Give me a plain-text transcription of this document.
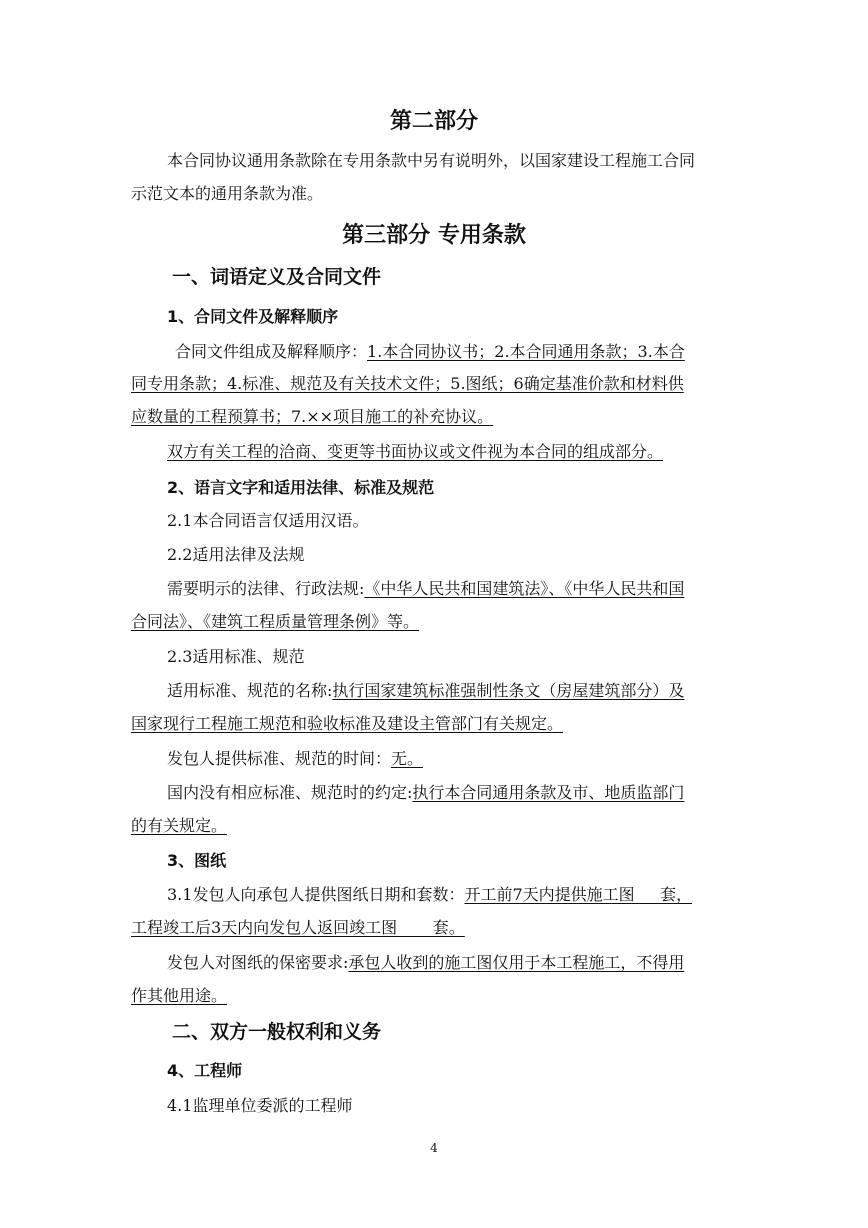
第二部分
本合同协议通用条款除在专用条款中另有说明外，以国家建设工程施工合同
示范文本的通用条款为准。
第三部分 专用条款
一、词语定义及合同文件
1、合同文件及解释顺序
合同文件组成及解释顺序：1.本合同协议书；2.本合同通用条款；3.本合
同专用条款；4.标准、规范及有关技术文件；5.图纸；6确定基准价款和材料供
应数量的工程预算书；7.××项目施工的补充协议。
双方有关工程的洽商、变更等书面协议或文件视为本合同的组成部分。
2、语言文字和适用法律、标准及规范
2.1本合同语言仅适用汉语。
2.2适用法律及法规
需要明示的法律、行政法规:《中华人民共和国建筑法》、《中华人民共和国
合同法》、《建筑工程质量管理条例》等。
2.3适用标准、规范
适用标准、规范的名称:执行国家建筑标准强制性条文（房屋建筑部分）及
国家现行工程施工规范和验收标准及建设主管部门有关规定。
发包人提供标准、规范的时间：无。
国内没有相应标准、规范时的约定:执行本合同通用条款及市、地质监部门
的有关规定。
3、图纸
3.1发包人向承包人提供图纸日期和套数：开工前7天内提供施工图     套，
工程竣工后3天内向发包人返回竣工图       套。
发包人对图纸的保密要求:承包人收到的施工图仅用于本工程施工，不得用
作其他用途。
二、双方一般权利和义务
4、工程师
4.1监理单位委派的工程师
4
